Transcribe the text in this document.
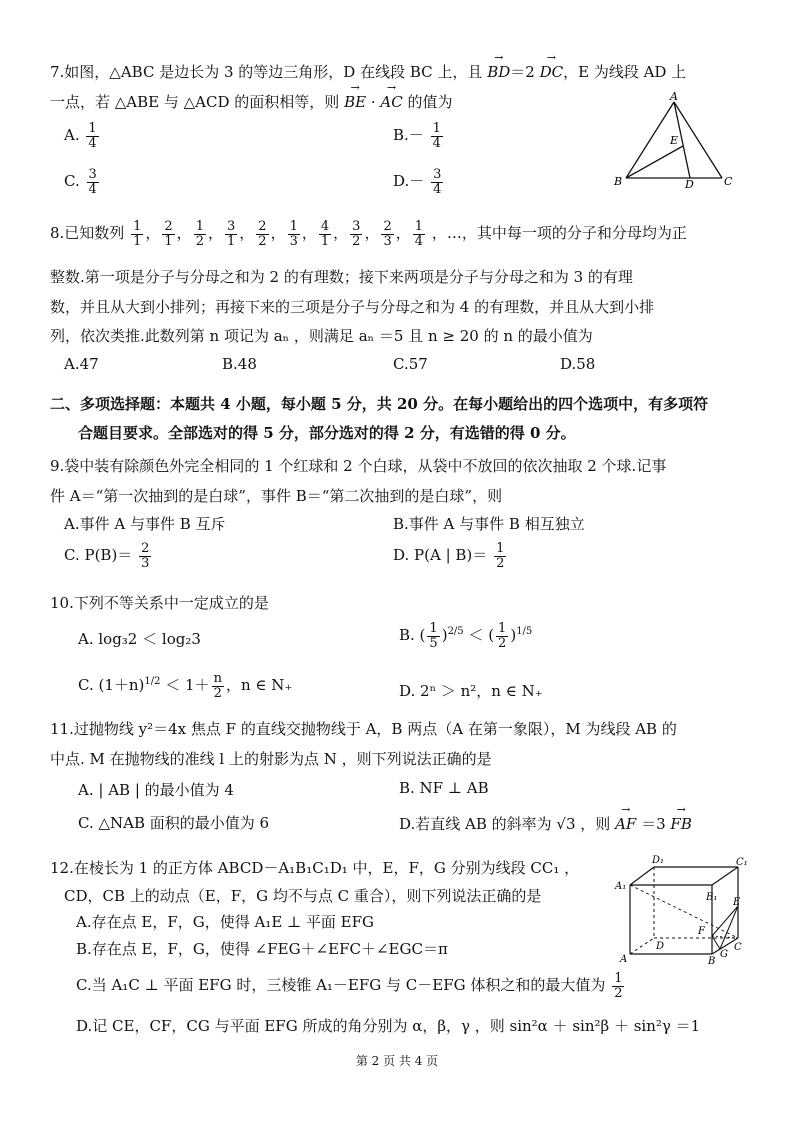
7.如图，△ABC 是边长为 3 的等边三角形，D 在线段 BC 上，且 → BD＝2 → DC，E 为线段 AD 上
一点，若 △ABE 与 △ACD 的面积相等，则 → BE · → AC 的值为
A. $\frac{1}{4}$	$B.- \frac{1}{4}$
C. $\frac{3}{4}$	$D.- \frac{3}{4}$
A
B	C
D
E
8.已知数列 $\frac{1}{1}$ ， $\frac{2}{1}$ ， $\frac{1}{2}$ ， $\frac{3}{1}$ ， $\frac{2}{2}$ ， $\frac{1}{3}$ ， $\frac{4}{1}$ ， $\frac{3}{2}$ ， $\frac{2}{3}$ ， $\frac{1}{4}$ ，…，其中每一项的分子和分母均为正
整数.第一项是分子与分母之和为 2 的有理数；接下来两项是分子与分母之和为 3 的有理
数，并且从大到小排列；再接下来的三项是分子与分母之和为 4 的有理数，并且从大到小排
列，依次类推.此数列第 n 项记为 aₙ ，则满足 aₙ ＝5 且 n ≥ 20 的 n 的最小值为
A.47	B.48	C.57	D.58
二、多项选择题：本题共 4 小题，每小题 5 分，共 20 分。在每小题给出的四个选项中，有多项符
合题目要求。全部选对的得 5 分，部分选对的得 2 分，有选错的得 0 分。
9.袋中装有除颜色外完全相同的 1 个红球和 2 个白球，从袋中不放回的依次抽取 2 个球.记事
件 A＝“第一次抽到的是白球”，事件 B＝“第二次抽到的是白球”，则
A.事件 A 与事件 B 互斥	B.事件 A 与事件 B 相互独立
C. $P(B)= \frac{2}{3}$	D. P(A | $B)= \frac{1}{2}$
10.下列不等关系中一定成立的是
A. log₃2 ＜ log₂3	B. ( $\frac{1}{5} )^{2/5}$ ＜ ( $\frac{1}{2} )^{1/5}$
C. $(1+n)^{1/2} < 1+ \frac{n}{2}$ ，n ∈ N₊	D. 2ⁿ ＞ n²，n ∈ N₊
11.过抛物线 y²＝4x 焦点 F 的直线交抛物线于 A，B 两点（A 在第一象限），M 为线段 AB 的
中点. M 在抛物线的准线 l 上的射影为点 N ，则下列说法正确的是
A. | AB | 的最小值为 4	B. NF ⊥ AB
C. △NAB 面积的最小值为 6	D.若直线 AB 的斜率为 √3 ，则 → AF ＝3 → FB
12.在棱长为 1 的正方体 ABCD－A₁B₁C₁D₁ 中，E，F，G 分别为线段 CC₁ ，
CD，CB 上的动点（E，F，G 均不与点 C 重合），则下列说法正确的是
A.存在点 E，F，G，使得 A₁E ⊥ 平面 EFG
B.存在点 E，F，G，使得 ∠FEG＋∠EFC＋∠EGC＝π
C.当 A₁C ⊥ 平面 EFG 时，三棱锥 A₁－EFG 与 C－EFG 体积之和的最大值为 $\frac{1}{2}$
D.记 CE，CF，CG 与平面 EFG 所成的角分别为 α，β，γ ，则 sin²α ＋ sin²β ＋ sin²γ ＝1
D₁	C₁
A₁
B₁ E
F
C
A
D
B
G
第 2 页 共 4 页
